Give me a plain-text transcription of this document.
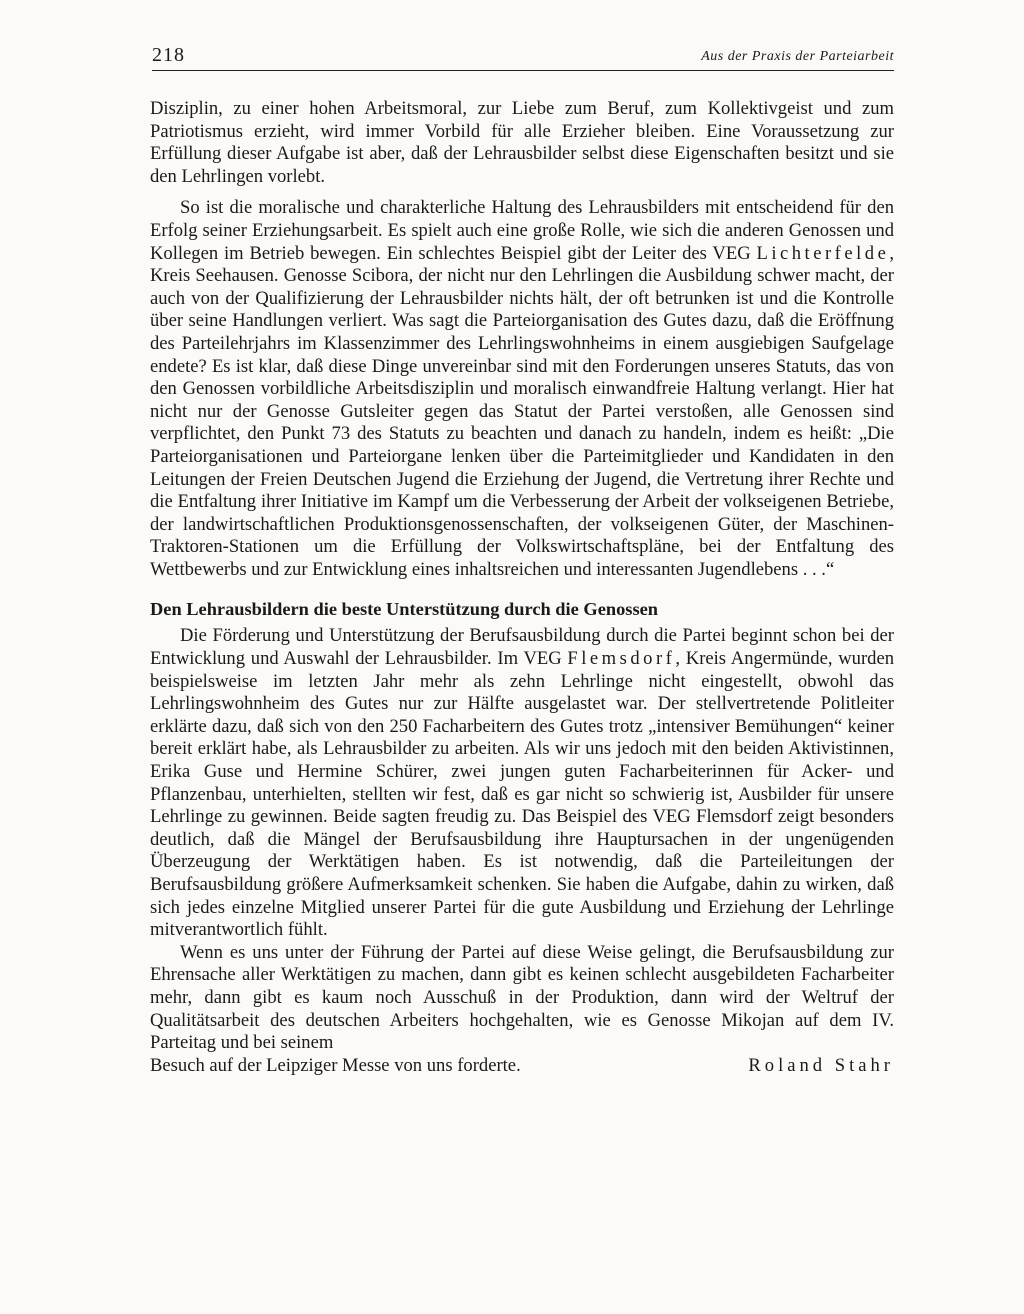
218	Aus der Praxis der Parteiarbeit

Disziplin, zu einer hohen Arbeitsmoral, zur Liebe zum Beruf, zum Kollektivgeist und zum Patriotismus erzieht, wird immer Vorbild für alle Erzieher bleiben. Eine Voraussetzung zur Erfüllung dieser Aufgabe ist aber, daß der Lehrausbilder selbst diese Eigenschaften besitzt und sie den Lehrlingen vorlebt.

So ist die moralische und charakterliche Haltung des Lehrausbilders mit entscheidend für den Erfolg seiner Erziehungsarbeit. Es spielt auch eine große Rolle, wie sich die anderen Genossen und Kollegen im Betrieb bewegen. Ein schlechtes Beispiel gibt der Leiter des VEG Lichterfelde, Kreis Seehausen. Genosse Scibora, der nicht nur den Lehrlingen die Ausbildung schwer macht, der auch von der Qualifizierung der Lehrausbilder nichts hält, der oft betrunken ist und die Kontrolle über seine Handlungen verliert. Was sagt die Parteiorganisation des Gutes dazu, daß die Eröffnung des Parteilehrjahrs im Klassenzimmer des Lehrlingswohnheims in einem ausgiebigen Saufgelage endete? Es ist klar, daß diese Dinge unvereinbar sind mit den Forderungen unseres Statuts, das von den Genossen vorbildliche Arbeitsdisziplin und moralisch einwandfreie Haltung verlangt. Hier hat nicht nur der Genosse Gutsleiter gegen das Statut der Partei verstoßen, alle Genossen sind verpflichtet, den Punkt 73 des Statuts zu beachten und danach zu handeln, indem es heißt: „Die Parteiorganisationen und Parteiorgane lenken über die Parteimitglieder und Kandidaten in den Leitungen der Freien Deutschen Jugend die Erziehung der Jugend, die Vertretung ihrer Rechte und die Entfaltung ihrer Initiative im Kampf um die Verbesserung der Arbeit der volkseigenen Betriebe, der landwirtschaftlichen Produktionsgenossenschaften, der volkseigenen Güter, der Maschinen-Traktoren-Stationen um die Erfüllung der Volkswirtschaftspläne, bei der Entfaltung des Wettbewerbs und zur Entwicklung eines inhaltsreichen und interessanten Jugendlebens . . .“

Den Lehrausbildern die beste Unterstützung durch die Genossen

Die Förderung und Unterstützung der Berufsausbildung durch die Partei beginnt schon bei der Entwicklung und Auswahl der Lehrausbilder. Im VEG Flemsdorf, Kreis Angermünde, wurden beispielsweise im letzten Jahr mehr als zehn Lehrlinge nicht eingestellt, obwohl das Lehrlingswohnheim des Gutes nur zur Hälfte ausgelastet war. Der stellvertretende Politleiter erklärte dazu, daß sich von den 250 Facharbeitern des Gutes trotz „intensiver Bemühungen“ keiner bereit erklärt habe, als Lehrausbilder zu arbeiten. Als wir uns jedoch mit den beiden Aktivistinnen, Erika Guse und Hermine Schürer, zwei jungen guten Facharbeiterinnen für Acker- und Pflanzenbau, unterhielten, stellten wir fest, daß es gar nicht so schwierig ist, Ausbilder für unsere Lehrlinge zu gewinnen. Beide sagten freudig zu. Das Beispiel des VEG Flemsdorf zeigt besonders deutlich, daß die Mängel der Berufsausbildung ihre Hauptursachen in der ungenügenden Überzeugung der Werktätigen haben. Es ist notwendig, daß die Parteileitungen der Berufsausbildung größere Aufmerksamkeit schenken. Sie haben die Aufgabe, dahin zu wirken, daß sich jedes einzelne Mitglied unserer Partei für die gute Ausbildung und Erziehung der Lehrlinge mitverantwortlich fühlt.

Wenn es uns unter der Führung der Partei auf diese Weise gelingt, die Berufsausbildung zur Ehrensache aller Werktätigen zu machen, dann gibt es keinen schlecht ausgebildeten Facharbeiter mehr, dann gibt es kaum noch Ausschuß in der Produktion, dann wird der Weltruf der Qualitätsarbeit des deutschen Arbeiters hochgehalten, wie es Genosse Mikojan auf dem IV. Parteitag und bei seinem

Besuch auf der Leipziger Messe von uns forderte.	Roland Stahr
